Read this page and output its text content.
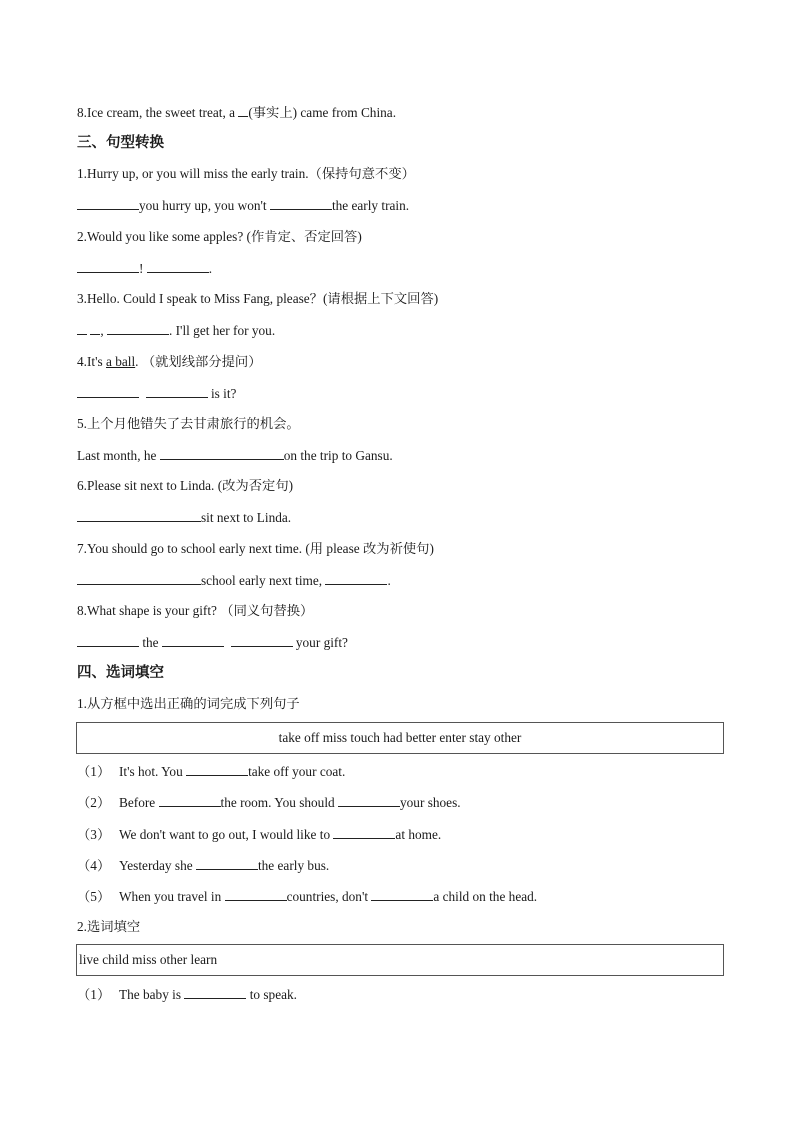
8.Ice cream, the sweet treat, a (事实上) came from China.
三、句型转换
1.Hurry up, or you will miss the early train.（保持句意不变）
you hurry up, you won't	the early train.
2.Would you like some apples? (作肯定、否定回答)
!	.
3.Hello. Could I speak to Miss Fang, please？(请根据上下文回答)
,	. I'll get her for you.
4.It's a ball. （就划线部分提问）
is it?
5.上个月他错失了去甘肃旅行的机会。
Last month, he	on the trip to Gansu.
6.Please sit next to Linda. (改为否定句)
sit next to Linda.
7.You should go to school early next time. (用 please 改为祈使句)
school early next time,	.
8.What shape is your gift? （同义句替换）
the	your gift?
四、选词填空
1.从方框中选出正确的词完成下列句子
take off miss touch had better enter stay other
（1） It's hot. You	take off your coat.
（2） Before	the room. You should	your shoes.
（3） We don't want to go out, I would like to	at home.
（4） Yesterday she	the early bus.
（5） When you travel in	countries, don't	a child on the head.
2.选词填空
live child miss other learn
（1） The baby is	to speak.
